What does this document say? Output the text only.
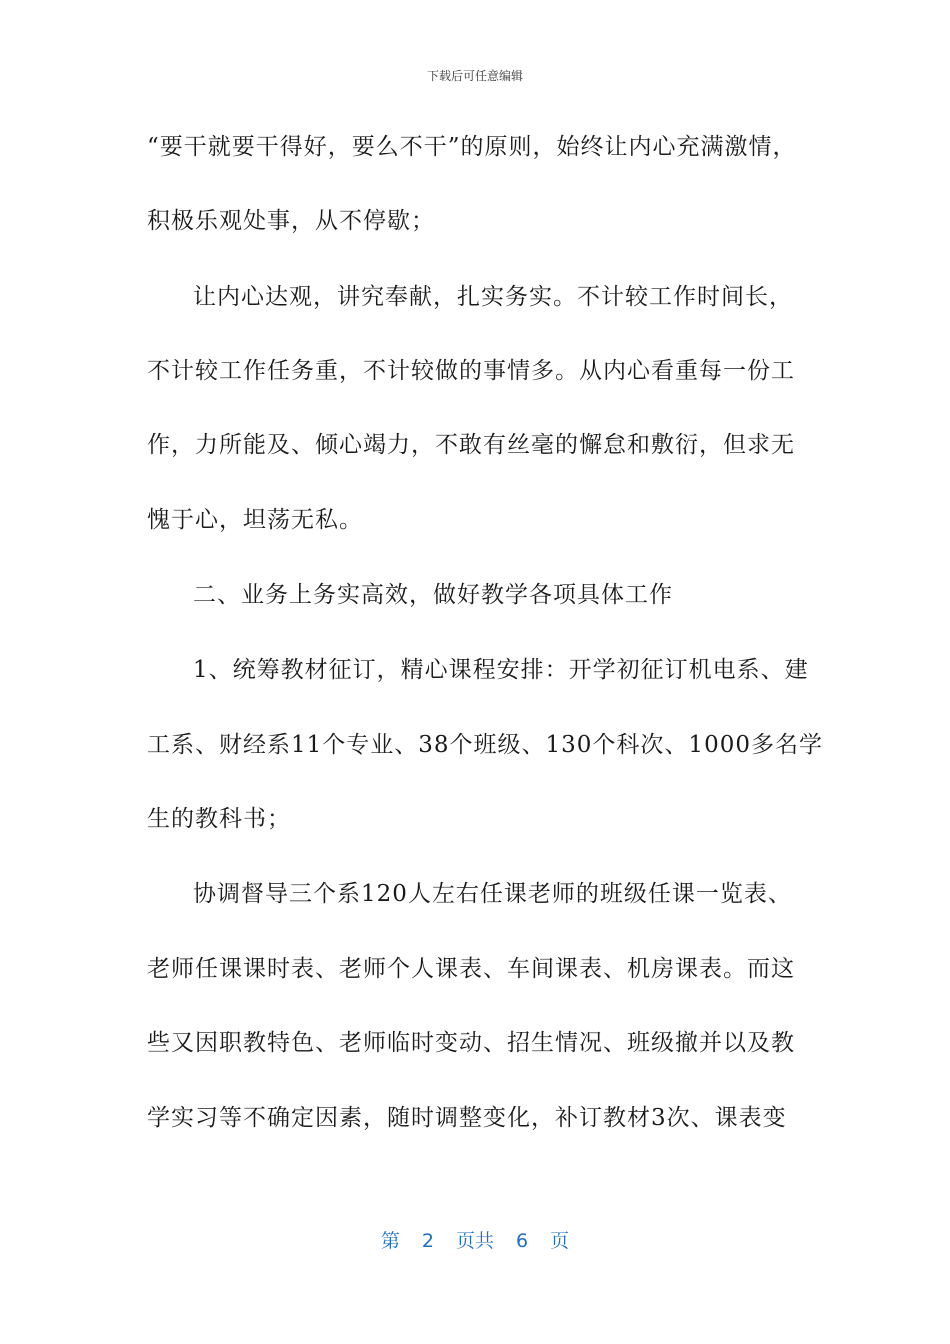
下载后可任意编辑

“要干就要干得好，要么不干”的原则，始终让内心充满激情，

积极乐观处事，从不停歇；

让内心达观，讲究奉献，扎实务实。不计较工作时间长，

不计较工作任务重，不计较做的事情多。从内心看重每一份工

作，力所能及、倾心竭力，不敢有丝毫的懈怠和敷衍，但求无

愧于心，坦荡无私。

二、业务上务实高效，做好教学各项具体工作

1、统筹教材征订，精心课程安排：开学初征订机电系、建

工系、财经系11个专业、38个班级、130个科次、1000多名学

生的教科书；

协调督导三个系120人左右任课老师的班级任课一览表、

老师任课课时表、老师个人课表、车间课表、机房课表。而这

些又因职教特色、老师临时变动、招生情况、班级撤并以及教

学实习等不确定因素，随时调整变化，补订教材3次、课表变

第 2 页共 6 页
